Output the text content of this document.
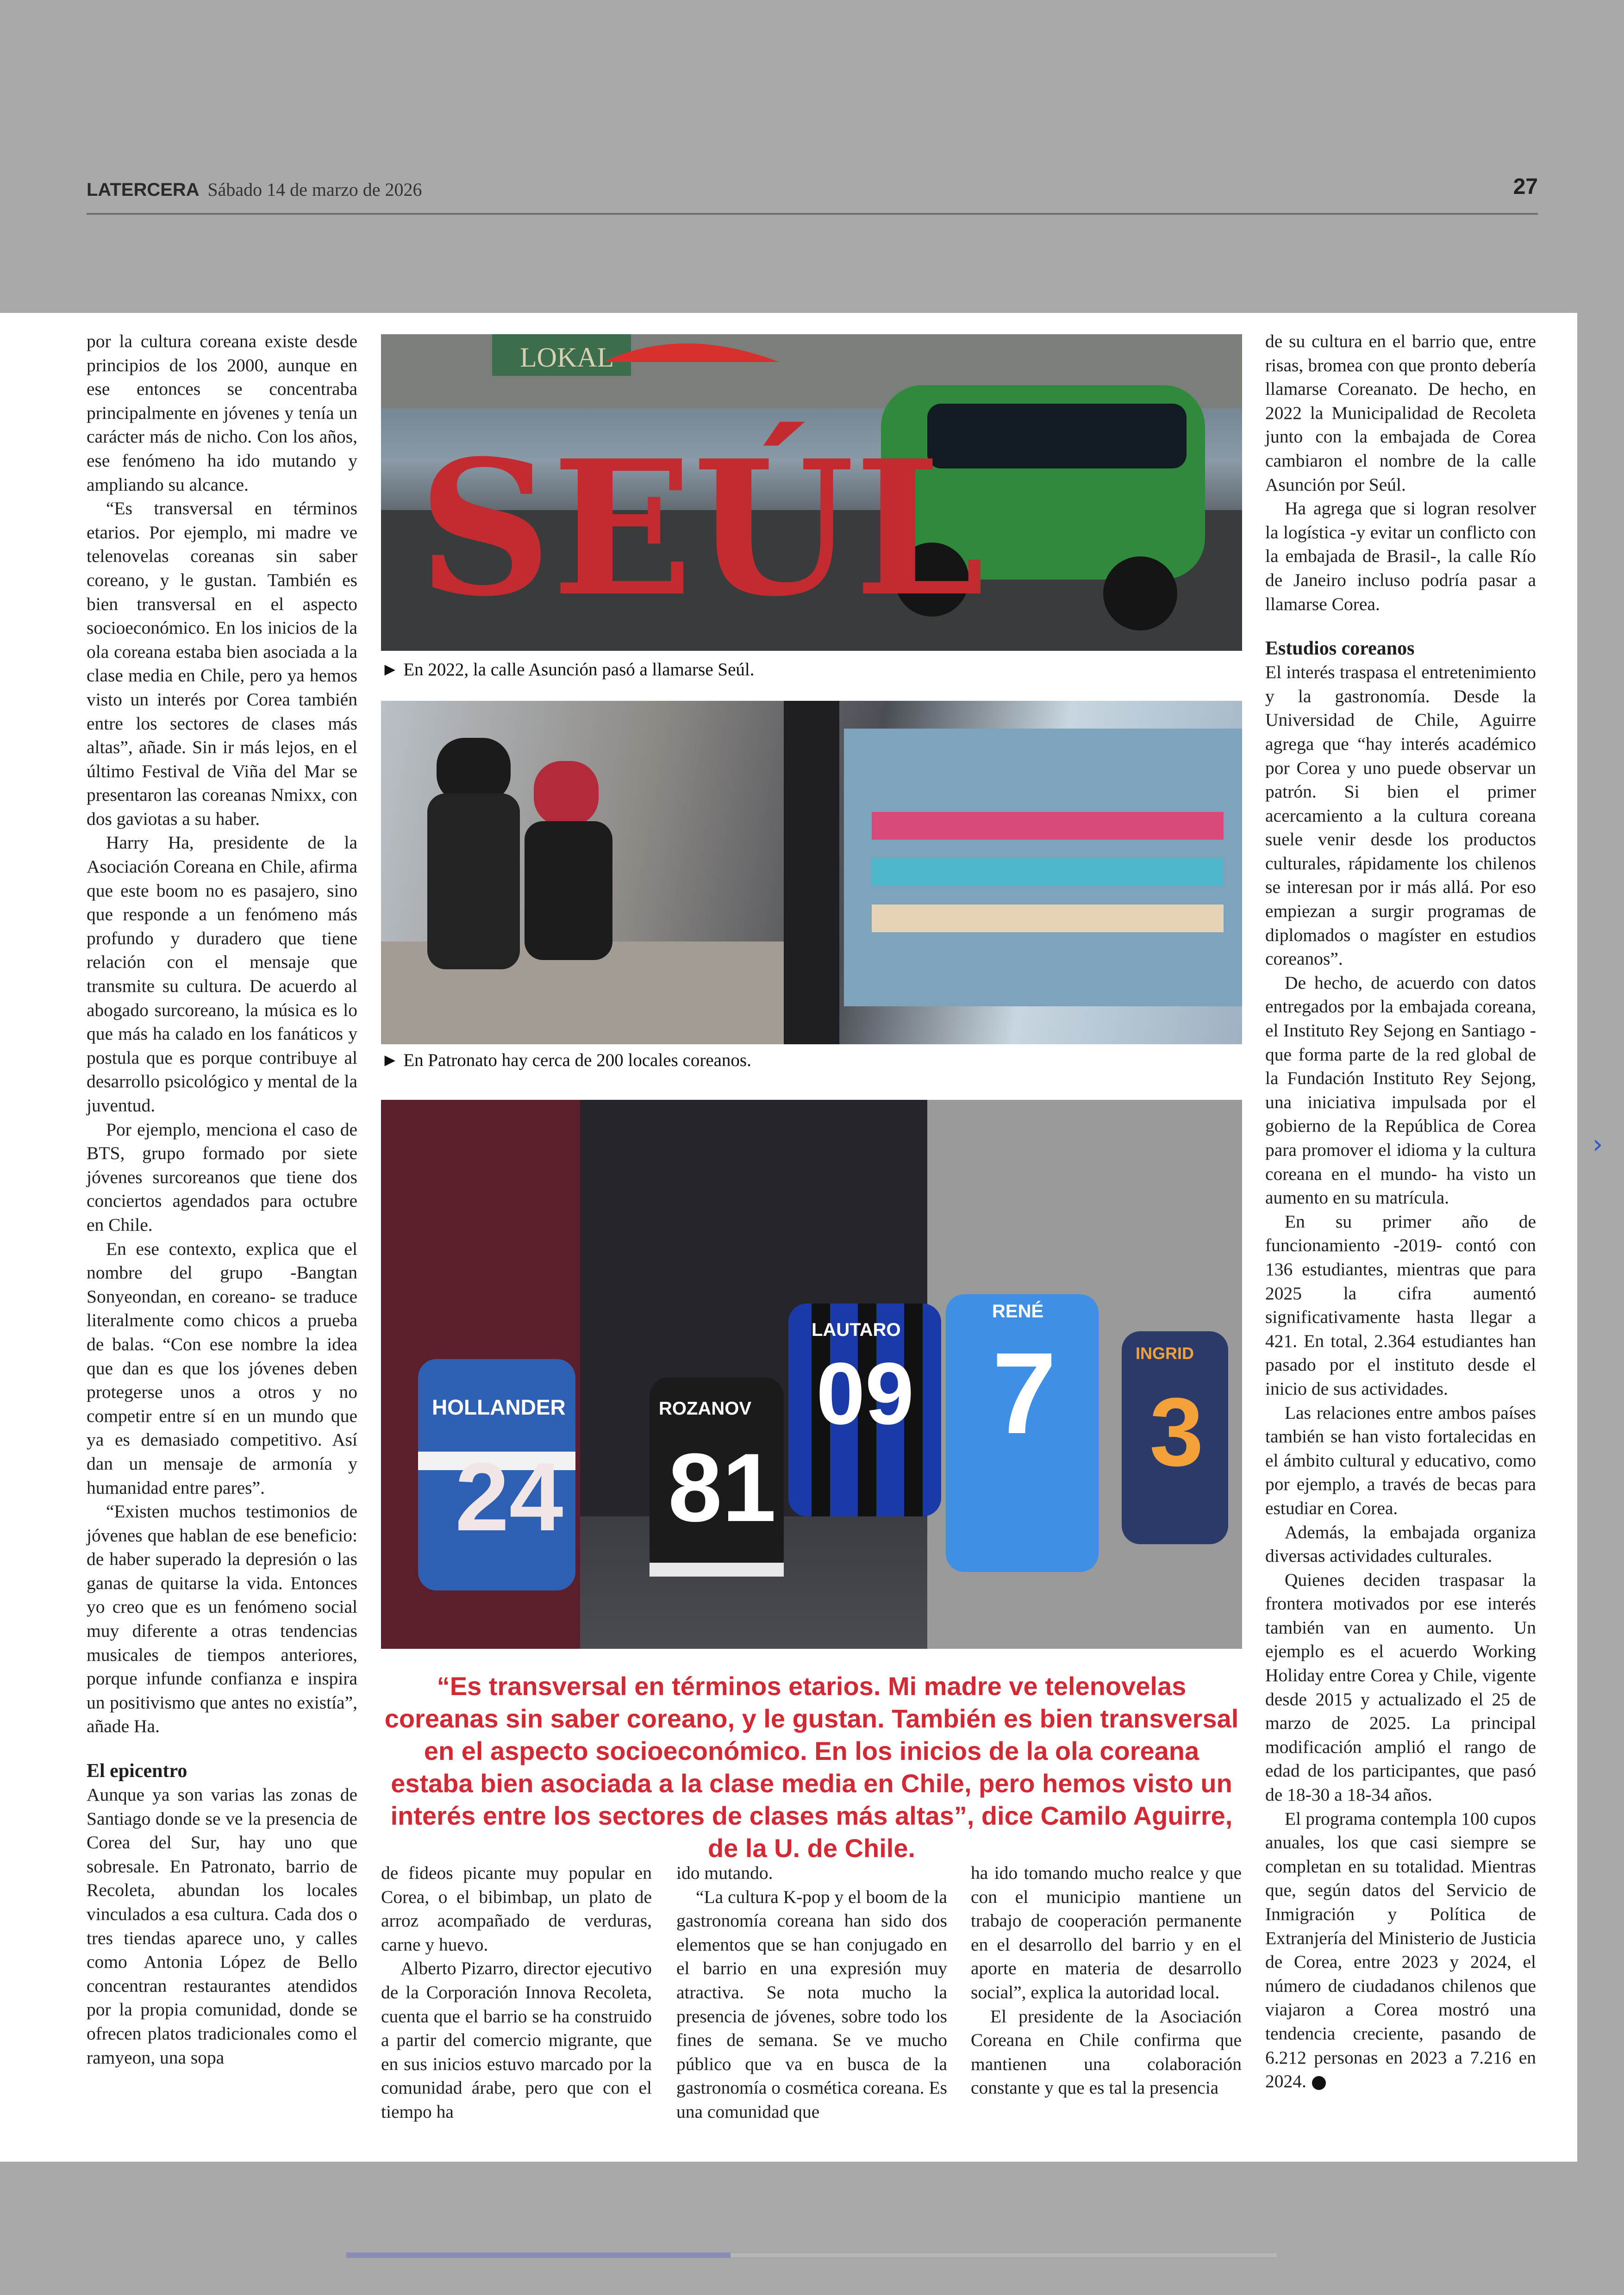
LATERCERA Sábado 14 de marzo de 2026	27
›

por la cultura coreana existe desde principios de los 2000, aunque en ese entonces se concentraba principalmente en jóvenes y tenía un carácter más de nicho. Con los años, ese fenómeno ha ido mutando y ampliando su alcance.

“Es transversal en términos etarios. Por ejemplo, mi madre ve telenovelas coreanas sin saber coreano, y le gustan. También es bien transversal en el aspecto socioeconómico. En los inicios de la ola coreana estaba bien asociada a la clase media en Chile, pero ya hemos visto un interés por Corea también entre los sectores de clases más altas”, añade. Sin ir más lejos, en el último Festival de Viña del Mar se presentaron las coreanas Nmixx, con dos gaviotas a su haber.

Harry Ha, presidente de la Asociación Coreana en Chile, afirma que este boom no es pasajero, sino que responde a un fenómeno más profundo y duradero que tiene relación con el mensaje que transmite su cultura. De acuerdo al abogado surcoreano, la música es lo que más ha calado en los fanáticos y postula que es porque contribuye al desarrollo psicológico y mental de la juventud.

Por ejemplo, menciona el caso de BTS, grupo formado por siete jóvenes surcoreanos que tiene dos conciertos agendados para octubre en Chile.

En ese contexto, explica que el nombre del grupo -Bangtan Sonyeondan, en coreano- se traduce literalmente como chicos a prueba de balas. “Con ese nombre la idea que dan es que los jóvenes deben protegerse unos a otros y no competir entre sí en un mundo que ya es demasiado competitivo. Así dan un mensaje de armonía y humanidad entre pares”.

“Existen muchos testimonios de jóvenes que hablan de ese beneficio: de haber superado la depresión o las ganas de quitarse la vida. Entonces yo creo que es un fenómeno social muy diferente a otras tendencias musicales de tiempos anteriores, porque infunde confianza e inspira un positivismo que antes no existía”, añade Ha.

El epicentro

Aunque ya son varias las zonas de Santiago donde se ve la presencia de Corea del Sur, hay uno que sobresale. En Patronato, barrio de Recoleta, abundan los locales vinculados a esa cultura. Cada dos o tres tiendas aparece uno, y calles como Antonia López de Bello concentran restaurantes atendidos por la propia comunidad, donde se ofrecen platos tradicionales como el ramyeon, una sopa

LOKAL
SEÚL
► En 2022, la calle Asunción pasó a llamarse Seúl.
► En Patronato hay cerca de 200 locales coreanos.
HOLLANDER
24
ROZANOV
81
LAUTARO
09
RENÉ
7	INGRID
3
“Es transversal en términos etarios. Mi madre ve telenovelas coreanas sin saber coreano, y le gustan. También es bien transversal en el aspecto socioeconómico. En los inicios de la ola coreana estaba bien asociada a la clase media en Chile, pero hemos visto un interés entre los sectores de clases más altas”, dice Camilo Aguirre, de la U. de Chile.

de fideos picante muy popular en Corea, o el bibimbap, un plato de arroz acompañado de verduras, carne y huevo.

Alberto Pizarro, director ejecutivo de la Corporación Innova Recoleta, cuenta que el barrio se ha construido a partir del comercio migrante, que en sus inicios estuvo marcado por la comunidad árabe, pero que con el tiempo ha

ido mutando.

“La cultura K-pop y el boom de la gastronomía coreana han sido dos elementos que se han conjugado en el barrio en una expresión muy atractiva. Se nota mucho la presencia de jóvenes, sobre todo los fines de semana. Se ve mucho público que va en busca de la gastronomía o cosmética coreana. Es una comunidad que

ha ido tomando mucho realce y que con el municipio mantiene un trabajo de cooperación permanente en el desarrollo del barrio y en el aporte en materia de desarrollo social”, explica la autoridad local.

El presidente de la Asociación Coreana en Chile confirma que mantienen una colaboración constante y que es tal la presencia

de su cultura en el barrio que, entre risas, bromea con que pronto debería llamarse Coreanato. De hecho, en 2022 la Municipalidad de Recoleta junto con la embajada de Corea cambiaron el nombre de la calle Asunción por Seúl.

Ha agrega que si logran resolver la logística -y evitar un conflicto con la embajada de Brasil-, la calle Río de Janeiro incluso podría pasar a llamarse Corea.

Estudios coreanos

El interés traspasa el entretenimiento y la gastronomía. Desde la Universidad de Chile, Aguirre agrega que “hay interés académico por Corea y uno puede observar un patrón. Si bien el primer acercamiento a la cultura coreana suele venir desde los productos culturales, rápidamente los chilenos se interesan por ir más allá. Por eso empiezan a surgir programas de diplomados o magíster en estudios coreanos”.

De hecho, de acuerdo con datos entregados por la embajada coreana, el Instituto Rey Sejong en Santiago -que forma parte de la red global de la Fundación Instituto Rey Sejong, una iniciativa impulsada por el gobierno de la República de Corea para promover el idioma y la cultura coreana en el mundo- ha visto un aumento en su matrícula.

En su primer año de funcionamiento -2019- contó con 136 estudiantes, mientras que para 2025 la cifra aumentó significativamente hasta llegar a 421. En total, 2.364 estudiantes han pasado por el instituto desde el inicio de sus actividades.

Las relaciones entre ambos países también se han visto fortalecidas en el ámbito cultural y educativo, como por ejemplo, a través de becas para estudiar en Corea.

Además, la embajada organiza diversas actividades culturales.

Quienes deciden traspasar la frontera motivados por ese interés también van en aumento. Un ejemplo es el acuerdo Working Holiday entre Corea y Chile, vigente desde 2015 y actualizado el 25 de marzo de 2025. La principal modificación amplió el rango de edad de los participantes, que pasó de 18-30 a 18-34 años.

El programa contempla 100 cupos anuales, los que casi siempre se completan en su totalidad. Mientras que, según datos del Servicio de Inmigración y Política de Extranjería del Ministerio de Justicia de Corea, entre 2023 y 2024, el número de ciudadanos chilenos que viajaron a Corea mostró una tendencia creciente, pasando de 6.212 personas en 2023 a 7.216 en 2024.
